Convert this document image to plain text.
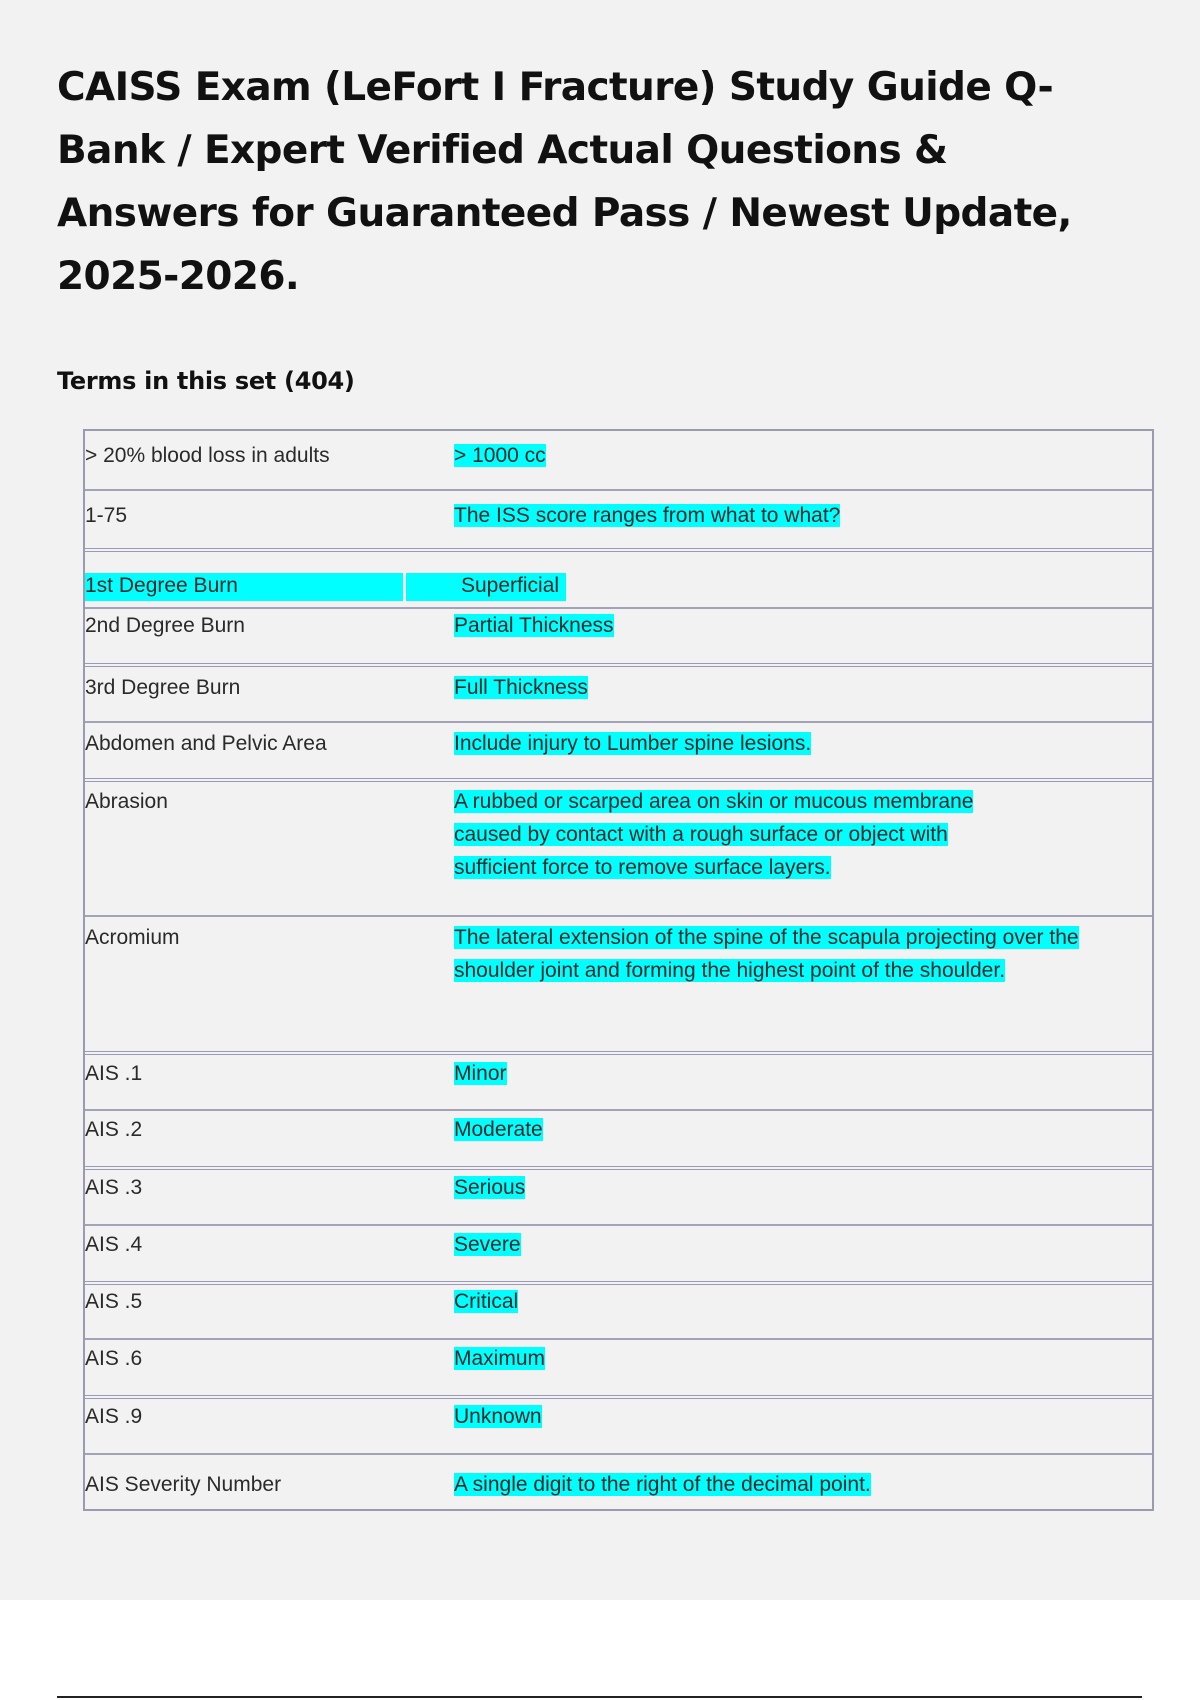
CAISS Exam (LeFort I Fracture) Study Guide Q-Bank / Expert Verified Actual Questions & Answers for Guaranteed Pass / Newest Update, 2025-2026.
Terms in this set (404)
> 20% blood loss in adults	> 1000 cc
1-75	The ISS score ranges from what to what?
1st Degree Burn	Superficial
2nd Degree Burn	Partial Thickness
3rd Degree Burn	Full Thickness
Abdomen and Pelvic Area	Include injury to Lumber spine lesions.
Abrasion	A rubbed or scarped area on skin or mucous membrane caused by contact with a rough surface or object with sufficient force to remove surface layers.
Acromium	The lateral extension of the spine of the scapula projecting over the shoulder joint and forming the highest point of the shoulder.
AIS .1	Minor
AIS .2	Moderate
AIS .3	Serious
AIS .4	Severe
AIS .5	Critical
AIS .6	Maximum
AIS .9	Unknown
AIS Severity Number	A single digit to the right of the decimal point.
